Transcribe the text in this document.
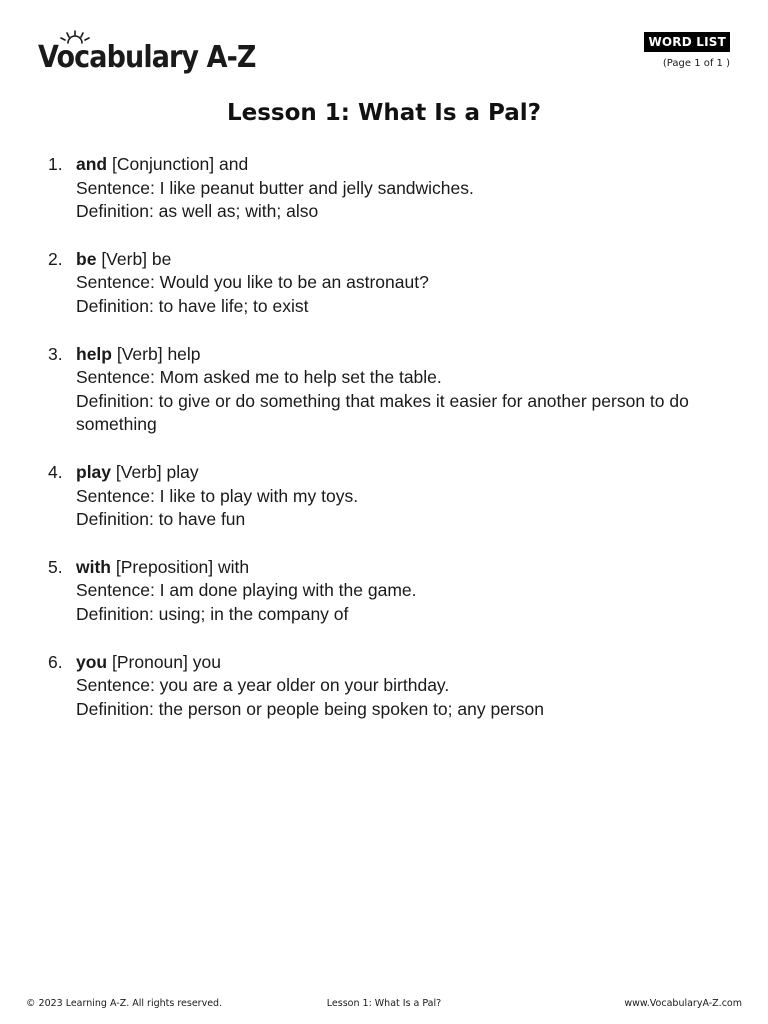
Vocabulary A-Z	WORD LIST
(Page 1 of 1 )
Lesson 1: What Is a Pal?
1. and [Conjunction] and
Sentence: I like peanut butter and jelly sandwiches.
Definition: as well as; with; also
2. be [Verb] be
Sentence: Would you like to be an astronaut?
Definition: to have life; to exist
3. help [Verb] help
Sentence: Mom asked me to help set the table.
Definition: to give or do something that makes it easier for another person to do something
4. play [Verb] play
Sentence: I like to play with my toys.
Definition: to have fun
5. with [Preposition] with
Sentence: I am done playing with the game.
Definition: using; in the company of
6. you [Pronoun] you
Sentence: you are a year older on your birthday.
Definition: the person or people being spoken to; any person
Lesson 1: What Is a Pal?
© 2023 Learning A-Z. All rights reserved.	www.VocabularyA-Z.com
